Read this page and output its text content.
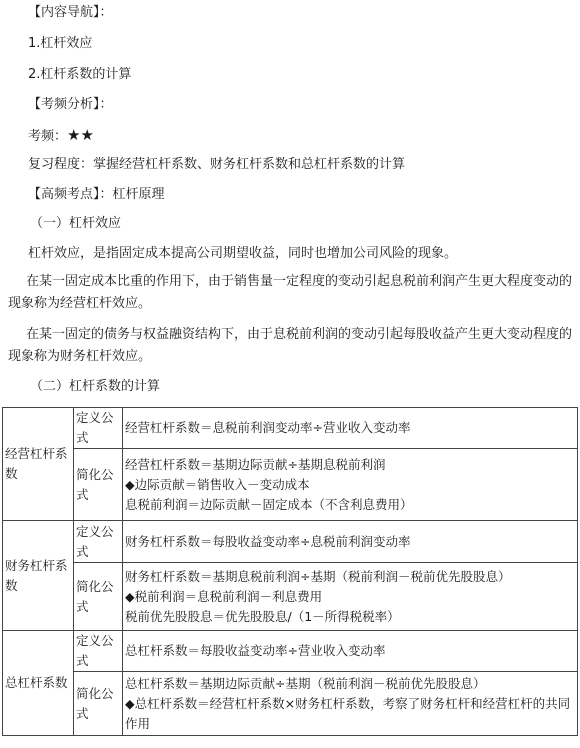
【内容导航】：
1.杠杆效应
2.杠杆系数的计算
【考频分析】：
考频：★★
复习程度：掌握经营杠杆系数、财务杠杆系数和总杠杆系数的计算
【高频考点】：杠杆原理
（一）杠杆效应
杠杆效应，是指固定成本提高公司期望收益，同时也增加公司风险的现象。
在某一固定成本比重的作用下，由于销售量一定程度的变动引起息税前利润产生更大程度变动的现象称为经营杠杆效应。
在某一固定的债务与权益融资结构下，由于息税前利润的变动引起每股收益产生更大变动程度的现象称为财务杠杆效应。
（二）杠杆系数的计算
经营杠杆系数	定义公式	经营杠杆系数＝息税前利润变动率÷营业收入变动率
	简化公式	经营杠杆系数＝基期边际贡献÷基期息税前利润
◆边际贡献＝销售收入－变动成本
息税前利润＝边际贡献－固定成本（不含利息费用）

财务杠杆系数	定义公式	财务杠杆系数＝每股收益变动率÷息税前利润变动率
	简化公式	财务杠杆系数＝基期息税前利润÷基期（税前利润－税前优先股股息）
◆税前利润＝息税前利润－利息费用
税前优先股股息＝优先股股息/（1－所得税税率）

总杠杆系数	定义公式	总杠杆系数＝每股收益变动率÷营业收入变动率
	简化公式	总杠杆系数＝基期边际贡献÷基期（税前利润－税前优先股股息）
◆总杠杆系数＝经营杠杆系数×财务杠杆系数，考察了财务杠杆和经营杠杆的共同作用
